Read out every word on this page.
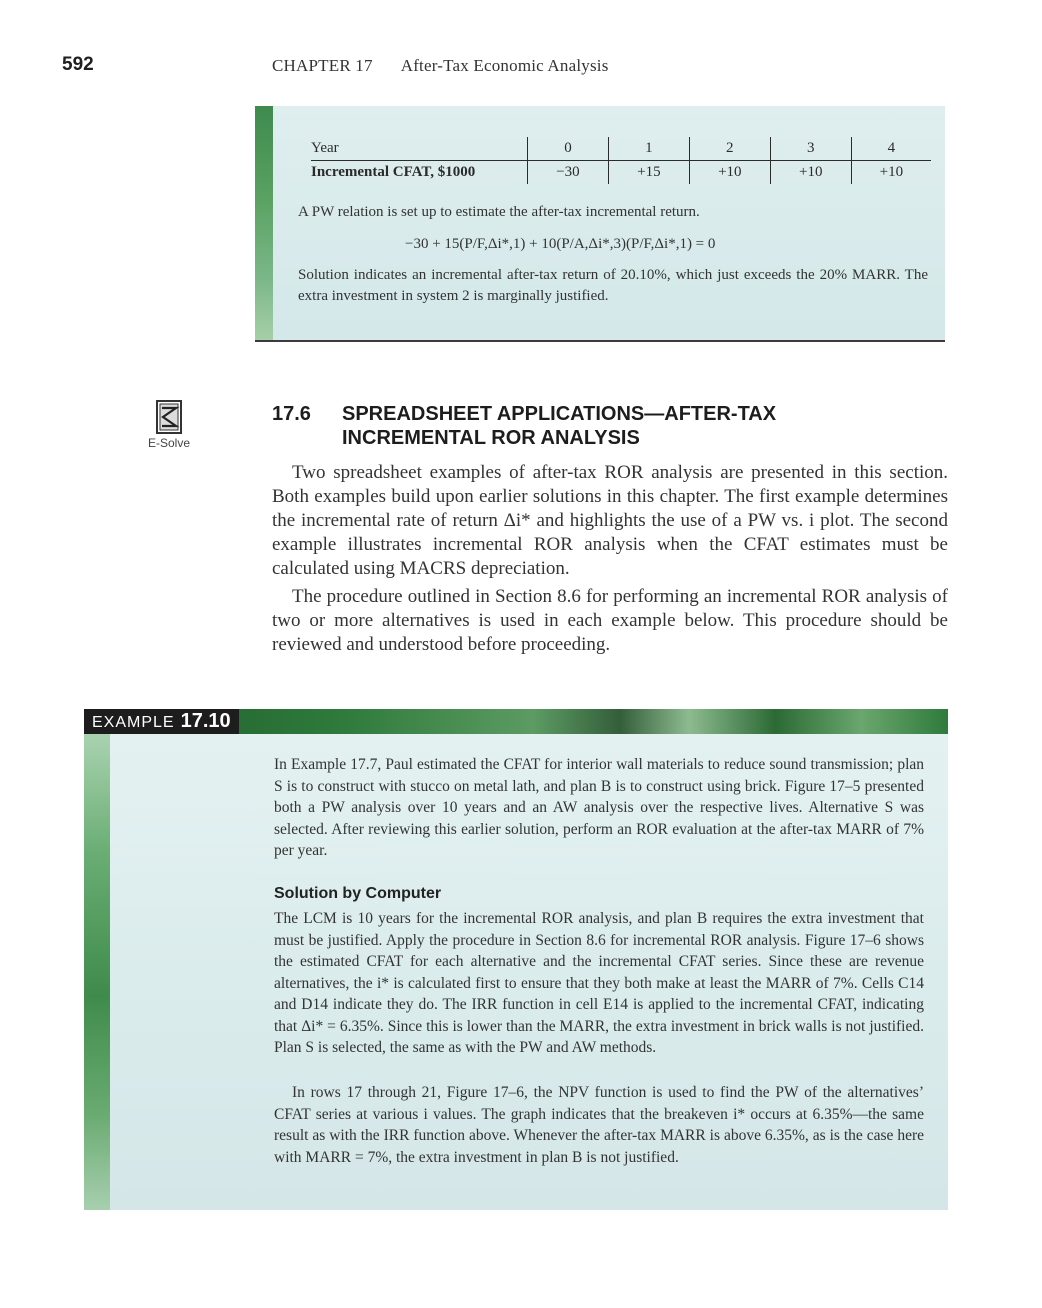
592	CHAPTER 17 After-Tax Economic Analysis
Year	0	1	2	3	4
Incremental CFAT, $1000	−30	+15	+10	+10	+10

A PW relation is set up to estimate the after-tax incremental return.

−30 + 15(P/F,Δi*,1) + 10(P/A,Δi*,3)(P/F,Δi*,1) = 0

Solution indicates an incremental after-tax return of 20.10%, which just exceeds the 20% MARR. The extra investment in system 2 is marginally justified.

E-Solve
17.6 SPREADSHEET APPLICATIONS—AFTER-TAX
INCREMENTAL ROR ANALYSIS

Two spreadsheet examples of after-tax ROR analysis are presented in this section. Both examples build upon earlier solutions in this chapter. The first example determines the incremental rate of return Δi* and highlights the use of a PW vs. i plot. The second example illustrates incremental ROR analysis when the CFAT estimates must be calculated using MACRS depreciation.

The procedure outlined in Section 8.6 for performing an incremental ROR analysis of two or more alternatives is used in each example below. This procedure should be reviewed and understood before proceeding.

EXAMPLE 17.10

In Example 17.7, Paul estimated the CFAT for interior wall materials to reduce sound transmission; plan S is to construct with stucco on metal lath, and plan B is to construct using brick. Figure 17–5 presented both a PW analysis over 10 years and an AW analysis over the respective lives. Alternative S was selected. After reviewing this earlier solution, perform an ROR evaluation at the after-tax MARR of 7% per year.

Solution by Computer

The LCM is 10 years for the incremental ROR analysis, and plan B requires the extra investment that must be justified. Apply the procedure in Section 8.6 for incremental ROR analysis. Figure 17–6 shows the estimated CFAT for each alternative and the incremental CFAT series. Since these are revenue alternatives, the i* is calculated first to ensure that they both make at least the MARR of 7%. Cells C14 and D14 indicate they do. The IRR function in cell E14 is applied to the incremental CFAT, indicating that Δi* = 6.35%. Since this is lower than the MARR, the extra investment in brick walls is not justified. Plan S is selected, the same as with the PW and AW methods.

In rows 17 through 21, Figure 17–6, the NPV function is used to find the PW of the alternatives’ CFAT series at various i values. The graph indicates that the breakeven i* occurs at 6.35%—the same result as with the IRR function above. Whenever the after-tax MARR is above 6.35%, as is the case here with MARR = 7%, the extra investment in plan B is not justified.
